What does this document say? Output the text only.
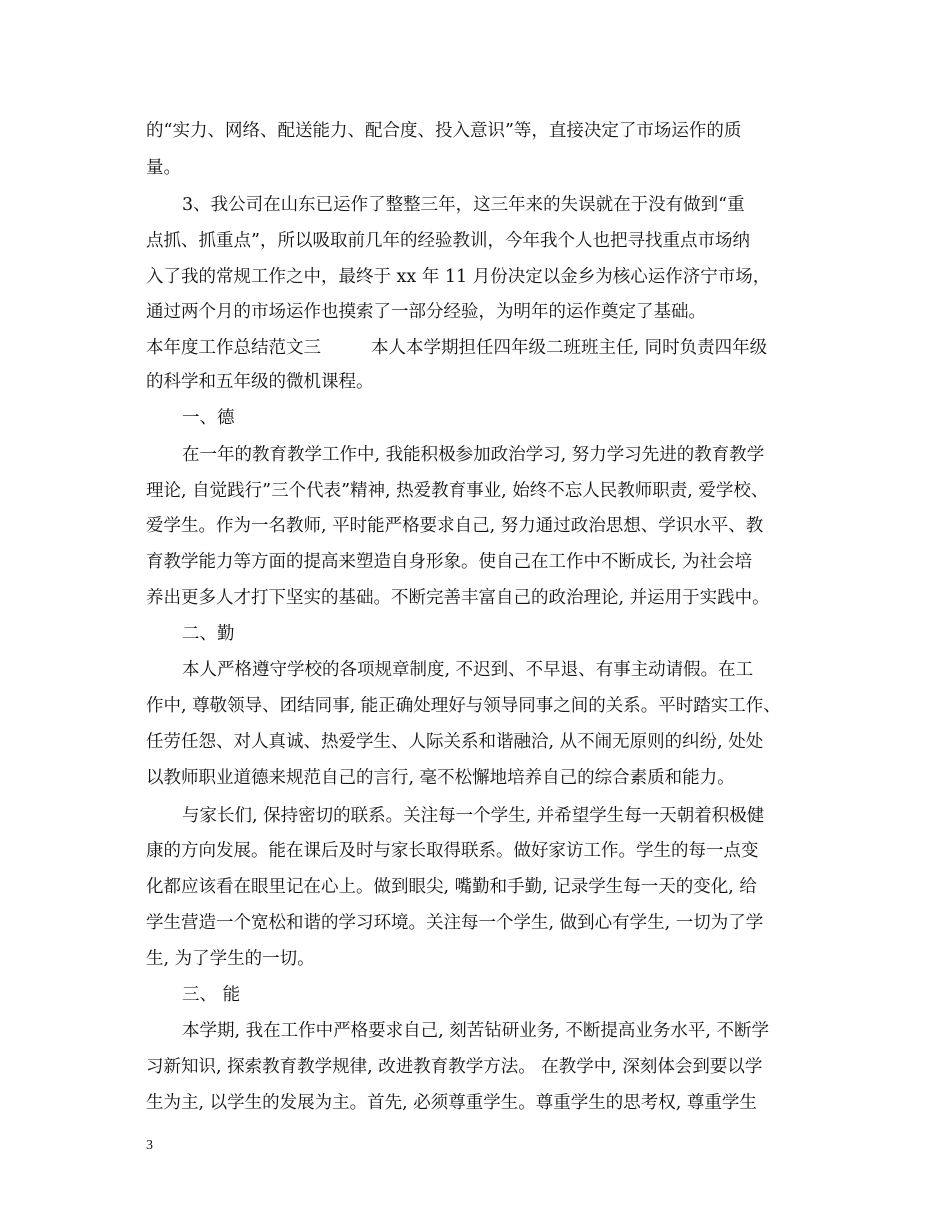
的“实力、网络、配送能力、配合度、投入意识”等，直接决定了市场运作的质

量。

3、我公司在山东已运作了整整三年，这三年来的失误就在于没有做到“重

点抓、抓重点”，所以吸取前几年的经验教训，今年我个人也把寻找重点市场纳

入了我的常规工作之中，最终于 xx 年 11 月份决定以金乡为核心运作济宁市场，

通过两个月的市场运作也摸索了一部分经验，为明年的运作奠定了基础。

本年度工作总结范文三	本人本学期担任四年级二班班主任, 同时负责四年级

的科学和五年级的微机课程。

一、德

在一年的教育教学工作中, 我能积极参加政治学习, 努力学习先进的教育教学

理论, 自觉践行”三个代表”精神, 热爱教育事业, 始终不忘人民教师职责, 爱学校、

爱学生。作为一名教师, 平时能严格要求自己, 努力通过政治思想、学识水平、教

育教学能力等方面的提高来塑造自身形象。使自己在工作中不断成长, 为社会培

养出更多人才打下坚实的基础。不断完善丰富自己的政治理论, 并运用于实践中。

二、勤

本人严格遵守学校的各项规章制度, 不迟到、不早退、有事主动请假。在工

作中, 尊敬领导、团结同事, 能正确处理好与领导同事之间的关系。平时踏实工作、

任劳任怨、对人真诚、热爱学生、人际关系和谐融洽, 从不闹无原则的纠纷, 处处

以教师职业道德来规范自己的言行, 毫不松懈地培养自己的综合素质和能力。

与家长们, 保持密切的联系。关注每一个学生, 并希望学生每一天朝着积极健

康的方向发展。能在课后及时与家长取得联系。做好家访工作。学生的每一点变

化都应该看在眼里记在心上。做到眼尖, 嘴勤和手勤, 记录学生每一天的变化, 给

学生营造一个宽松和谐的学习环境。关注每一个学生, 做到心有学生, 一切为了学

生, 为了学生的一切。

三、 能

本学期, 我在工作中严格要求自己, 刻苦钻研业务, 不断提高业务水平, 不断学

习新知识, 探索教育教学规律, 改进教育教学方法。 在教学中, 深刻体会到要以学

生为主, 以学生的发展为主。首先, 必须尊重学生。尊重学生的思考权, 尊重学生

3
